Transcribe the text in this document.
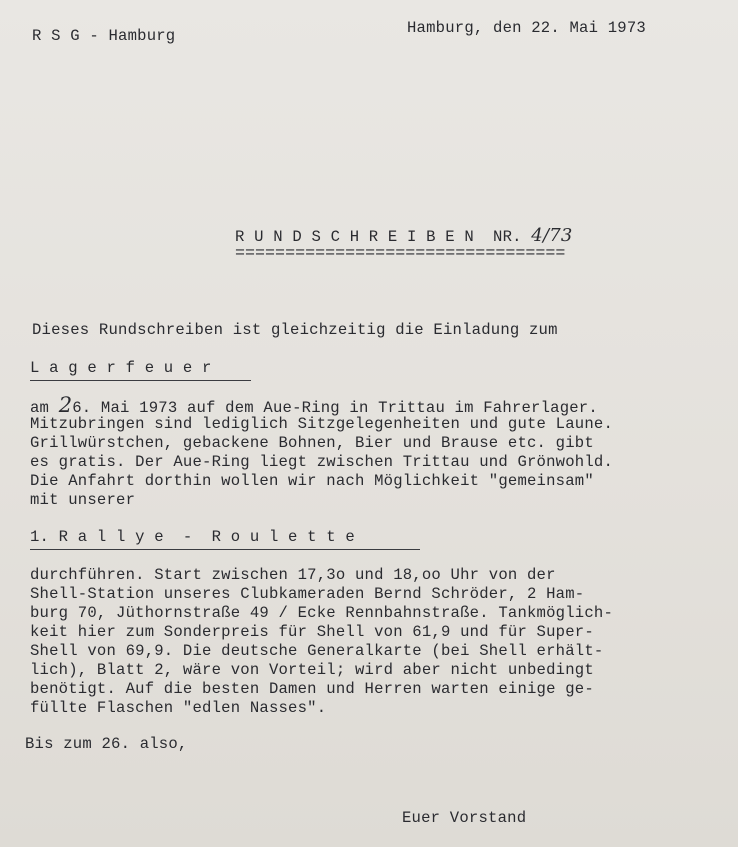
R S G - Hamburg	Hamburg, den 22. Mai 1973
R U N D S C H R E I B E N  NR. 4/73
=================================
Dieses Rundschreiben ist gleichzeitig die Einladung zum
L a g e r f e u e r
am 26. Mai 1973 auf dem Aue-Ring in Trittau im Fahrerlager.
Mitzubringen sind lediglich Sitzgelegenheiten und gute Laune.
Grillwürstchen, gebackene Bohnen, Bier und Brause etc. gibt
es gratis. Der Aue-Ring liegt zwischen Trittau und Grönwohld.
Die Anfahrt dorthin wollen wir nach Möglichkeit "gemeinsam"
mit unserer
1. R a l l y e  -  R o u l e t t e
durchführen. Start zwischen 17,3o und 18,oo Uhr von der
Shell-Station unseres Clubkameraden Bernd Schröder, 2 Ham-
burg 70, Jüthornstraße 49 / Ecke Rennbahnstraße. Tankmöglich-
keit hier zum Sonderpreis für Shell von 61,9 und für Super-
Shell von 69,9. Die deutsche Generalkarte (bei Shell erhält-
lich), Blatt 2, wäre von Vorteil; wird aber nicht unbedingt
benötigt. Auf die besten Damen und Herren warten einige ge-
füllte Flaschen "edlen Nasses".
Bis zum 26. also,
Euer Vorstand
